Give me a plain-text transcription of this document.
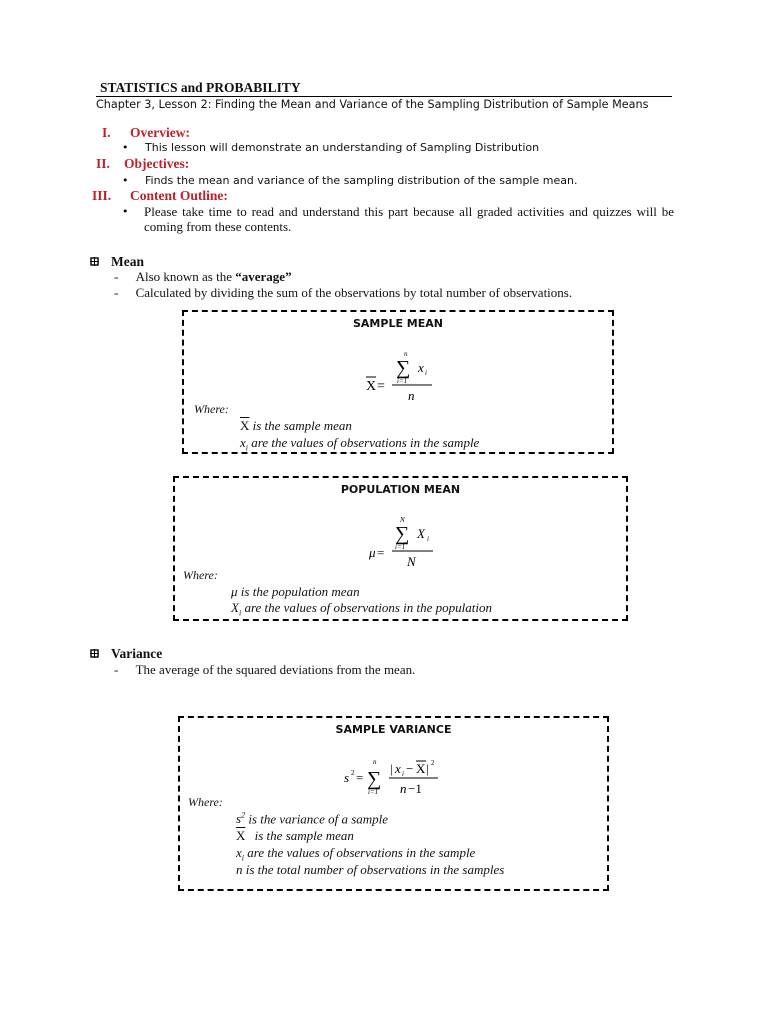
STATISTICS and PROBABILITY
Chapter 3, Lesson 2: Finding the Mean and Variance of the Sampling Distribution of Sample Means
I. Overview:
• This lesson will demonstrate an understanding of Sampling Distribution
II. Objectives:
• Finds the mean and variance of the sampling distribution of the sample mean.
III. Content Outline:
• Please take time to read and understand this part because all graded activities and quizzes will be coming from these contents.
Mean
- Also known as the “average”
- Calculated by dividing the sum of the observations by total number of observations.
SAMPLE MEAN
n
∑ x i
i=1
X =
n
Where:
$\overline{X}$ is the sample mean
$x_i$ are the values of observations in the sample
POPULATION MEAN
N
∑ X i
i=1
μ =
N
Where:
μ is the population mean
$X_i$ are the values of observations in the population
Variance
- The average of the squared deviations from the mean.
SAMPLE VARIANCE
s 2 = ∑
n
i=1
| x i − X | 2
n −1
Where:
$s^2$ is the variance of a sample
$\overline{X}$ is the sample mean
$x_i$ are the values of observations in the sample
n is the total number of observations in the samples
